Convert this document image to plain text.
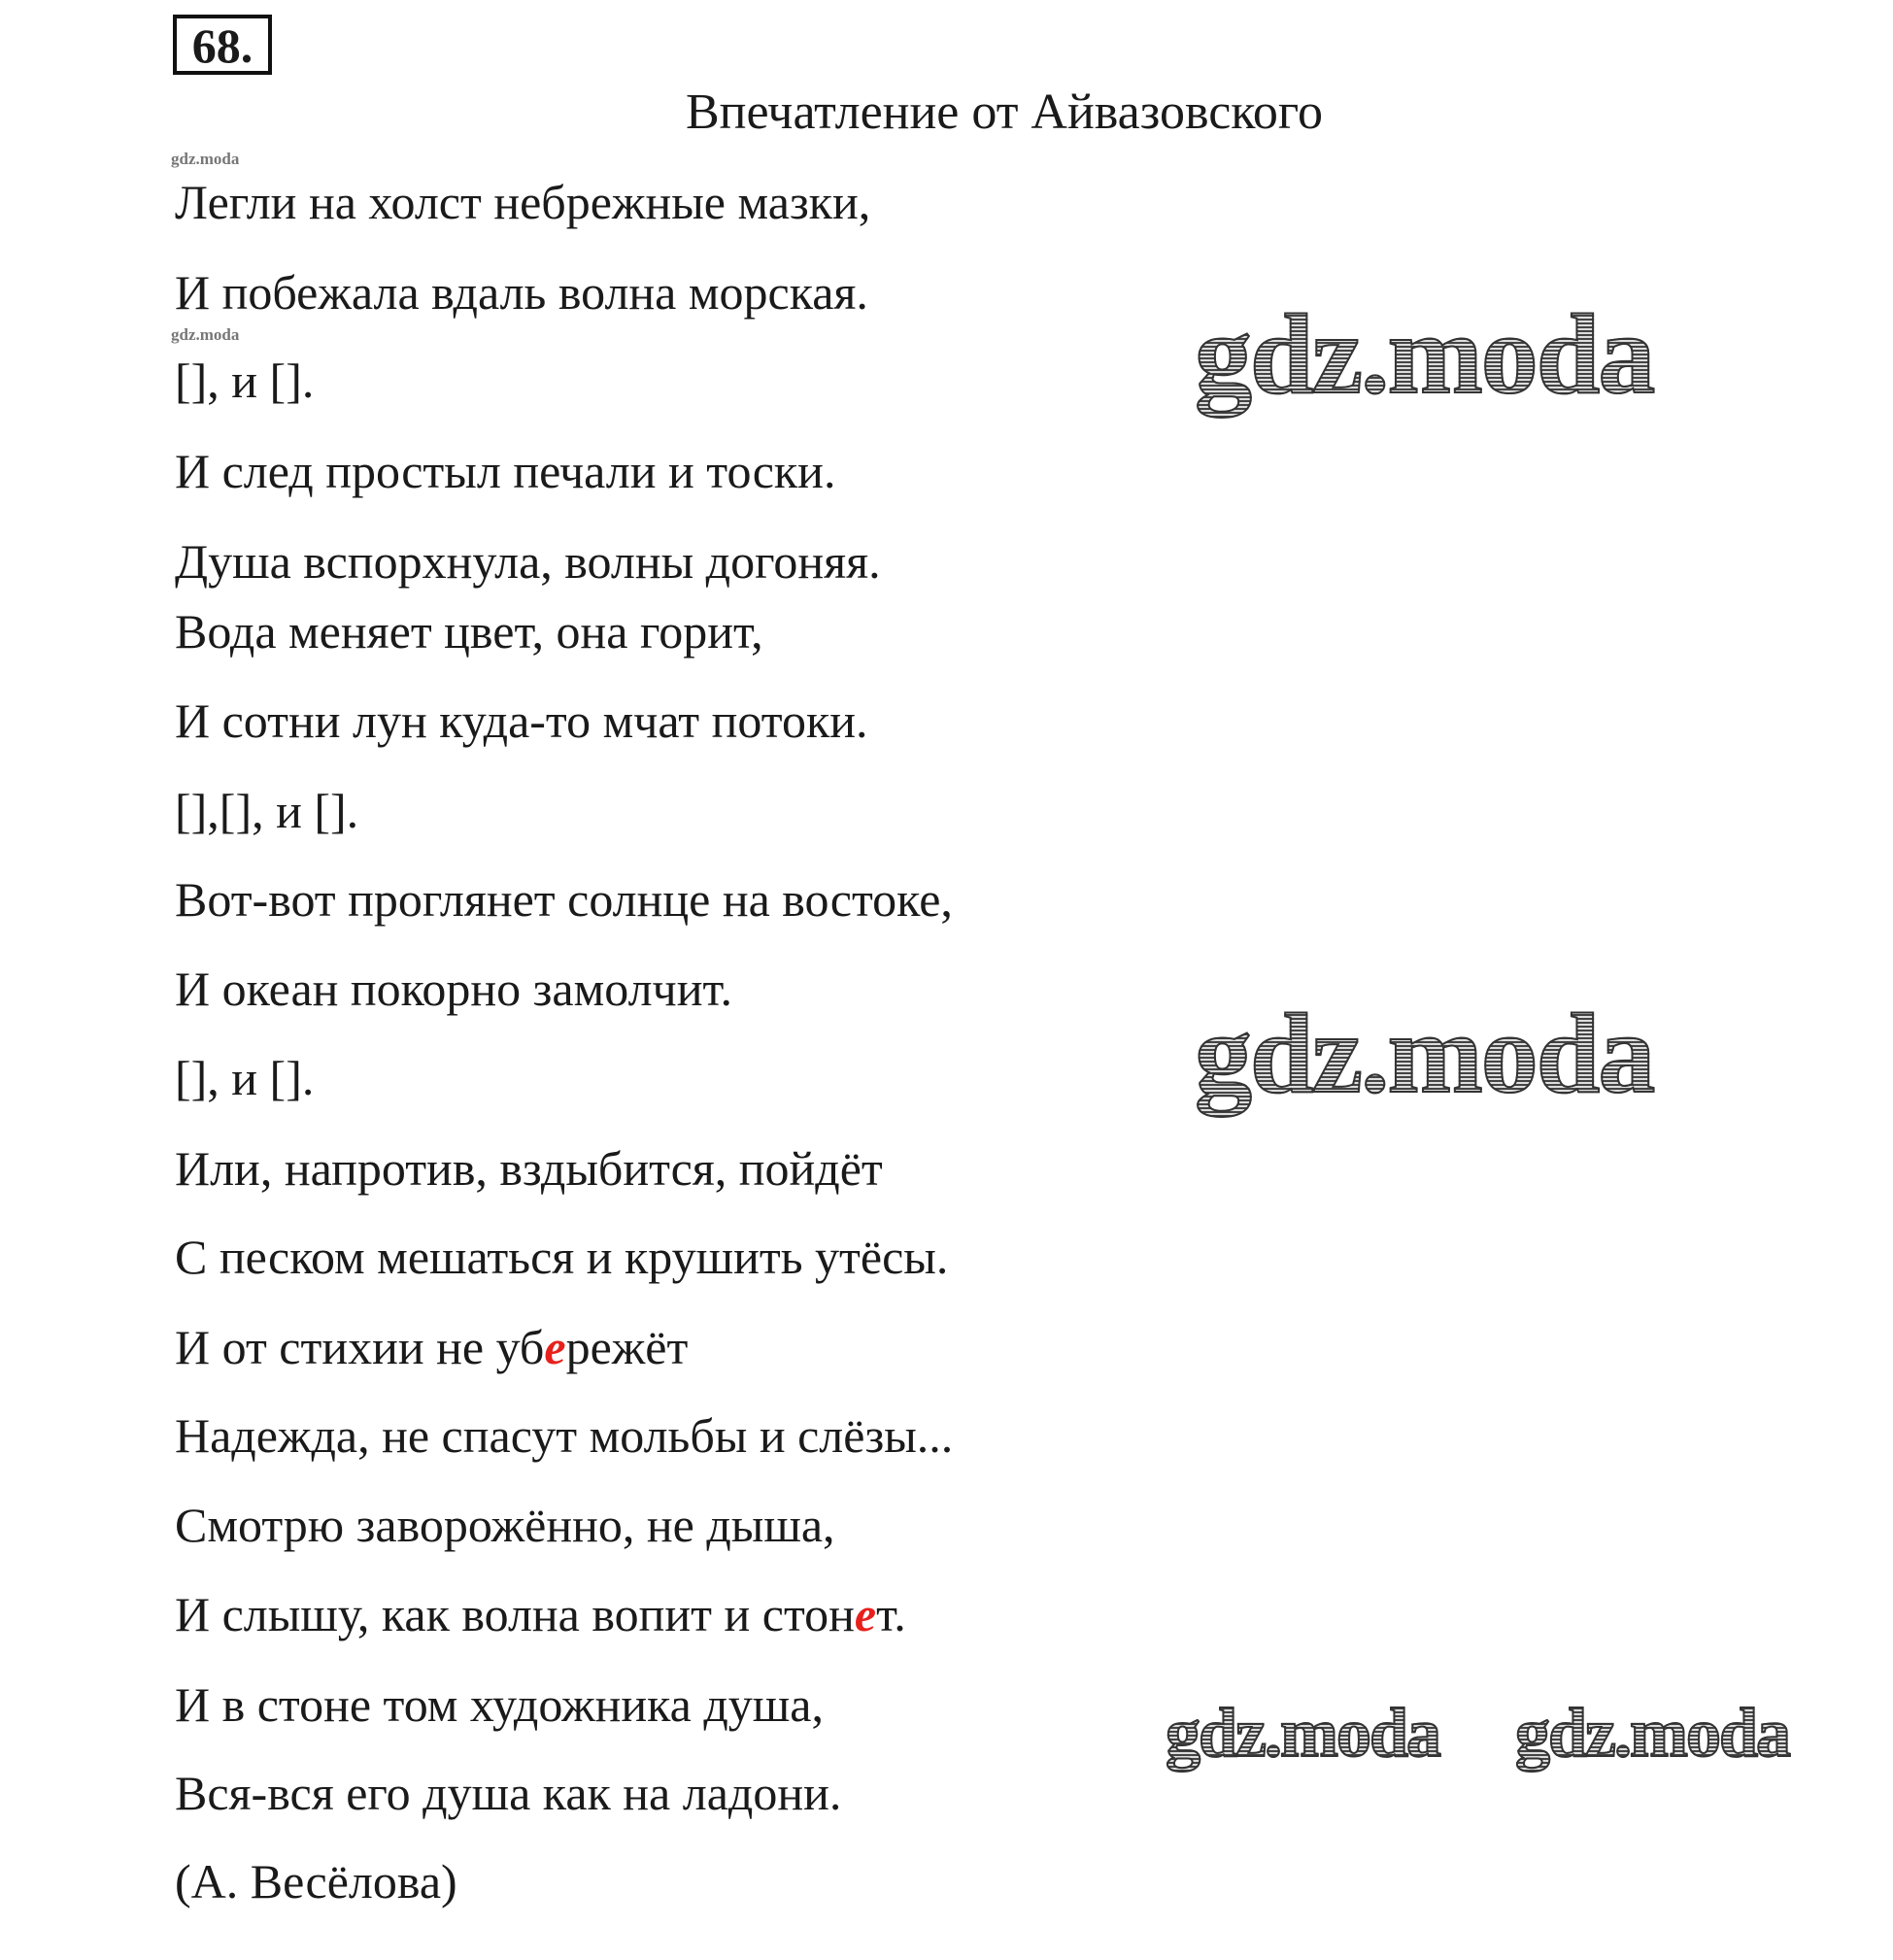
68.
Впечатление от Айвазовского
gdz.moda
gdz.moda
Легли на холст небрежные мазки,
И побежала вдаль волна морская.
[], и [].
И след простыл печали и тоски.
Душа вспорхнула, волны догоняя.
Вода меняет цвет, она горит,
И сотни лун куда-то мчат потоки.
[],[], и [].
Вот-вот проглянет солнце на востоке,
И океан покорно замолчит.
[], и [].
Или, напротив, вздыбится, пойдёт
С песком мешаться и крушить утёсы.
И от стихии не убережёт
Надежда, не спасут мольбы и слёзы...
Смотрю заворожённо, не дыша,
И слышу, как волна вопит и стонет.
И в стоне том художника душа,
Вся-вся его душа как на ладони.
(А. Весёлова)
gdz.moda
gdz.moda
gdz.moda gdz.moda
